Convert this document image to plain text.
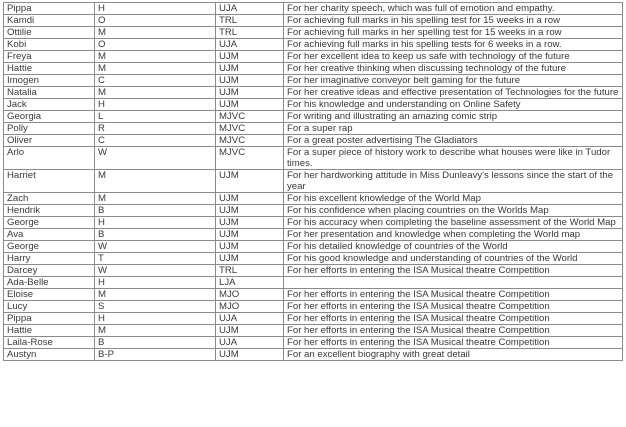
Pippa	H	UJA	For her charity speech, which was full of emotion and empathy.
Kamdi	O	TRL	For achieving full marks in his spelling test for 15 weeks in a row
Ottilie	M	TRL	For achieving full marks in her spelling test for 15 weeks in a row
Kobi	O	UJA	For achieving full marks in his spelling tests for 6 weeks in a row.
Freya	M	UJM	For her excellent idea to keep us safe with technology of the future
Hattie	M	UJM	For her creative thinking when discussing technology of the future
Imogen	C	UJM	For her imaginative conveyor belt gaming for the future
Natalia	M	UJM	For her creative ideas and effective presentation of Technologies for the future
Jack	H	UJM	For his knowledge and understanding on Online Safety
Georgia	L	MJVC	For writing and illustrating an amazing comic strip
Polly	R	MJVC	For a super rap
Oliver	C	MJVC	For a great poster advertising The Gladiators
Arlo	W	MJVC	For a super piece of history work to describe what houses were like in Tudor times.
Harriet	M	UJM	For her hardworking attitude in Miss Dunleavy's lessons since the start of the year
Zach	M	UJM	For his excellent knowledge of the World Map
Hendrik	B	UJM	For his confidence when placing countries on the Worlds Map
George	H	UJM	For his accuracy when completing the baseline assessment of the World Map
Ava	B	UJM	For her presentation and knowledge when completing the World map
George	W	UJM	For his detailed knowledge of countries of the World
Harry	T	UJM	For his good knowledge and understanding of countries of the World
Darcey	W	TRL	For her efforts in entering the ISA Musical theatre Competition
Ada-Belle	H	LJA	
Eloise	M	MJO	For her efforts in entering the ISA Musical theatre Competition
Lucy	S	MJO	For her efforts in entering the ISA Musical theatre Competition
Pippa	H	UJA	For her efforts in entering the ISA Musical theatre Competition
Hattie	M	UJM	For her efforts in entering the ISA Musical theatre Competition
Laila-Rose	B	UJA	For her efforts in entering the ISA Musical theatre Competition
Austyn	B-P	UJM	For an excellent biography with great detail
